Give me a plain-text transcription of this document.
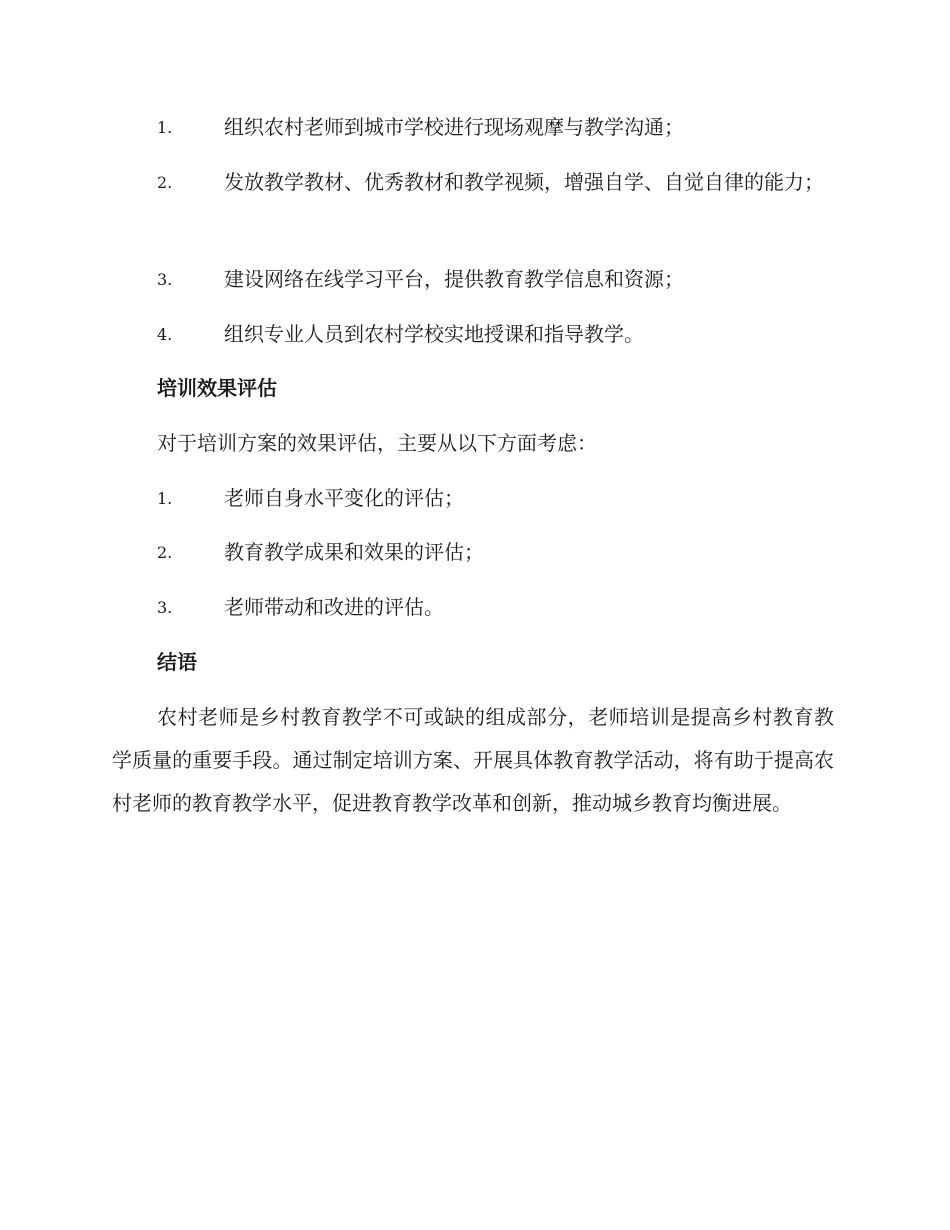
1.	组织农村老师到城市学校进行现场观摩与教学沟通；
2.	发放教学教材、优秀教材和教学视频，增强自学、自觉自律的能力；
3.	建设网络在线学习平台，提供教育教学信息和资源；
4.	组织专业人员到农村学校实地授课和指导教学。
培训效果评估
对于培训方案的效果评估，主要从以下方面考虑：
1.	老师自身水平变化的评估；
2.	教育教学成果和效果的评估；
3.	老师带动和改进的评估。
结语
农村老师是乡村教育教学不可或缺的组成部分，老师培训是提高乡村教育教学质量的重要手段。通过制定培训方案、开展具体教育教学活动，将有助于提高农村老师的教育教学水平，促进教育教学改革和创新，推动城乡教育均衡进展。
